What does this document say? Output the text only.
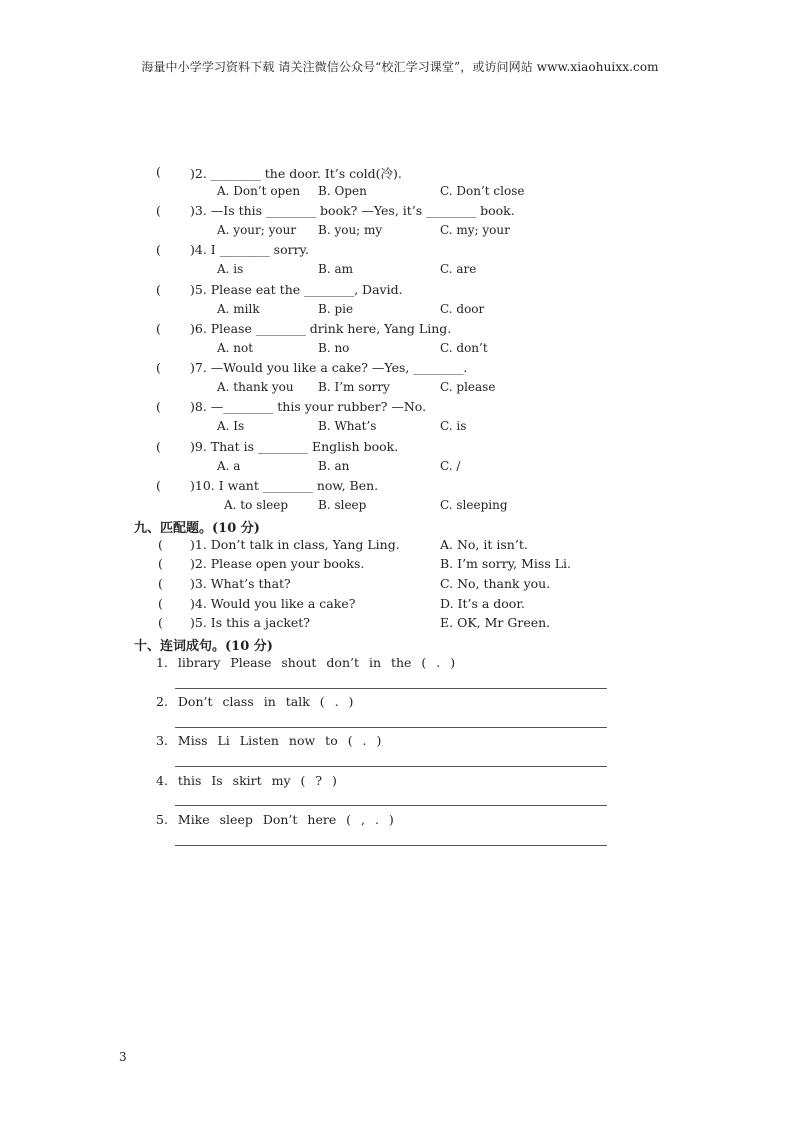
海量中小学学习资料下载 请关注微信公众号“校汇学习课堂”，或访问网站 www.xiaohuixx.com
( )2. ________ the door. It’s cold(冷).
A. Don’t open B. Open	C. Don’t close
( )3. —Is this ________ book? —Yes, it’s ________ book.
A. your; your B. you; my	C. my; your
( )4. I ________ sorry.
A. is	B. am	C. are
( )5. Please eat the ________, David.
A. milk	B. pie	C. door
( )6. Please ________ drink here, Yang Ling.
A. not	B. no	C. don’t
( )7. —Would you like a cake? —Yes, ________.
A. thank you B. I’m sorry	C. please
( )8. —________ this your rubber? —No.
A. Is	B. What’s	C. is
( )9. That is ________ English book.
A. a	B. an	C. /
( )10. I want ________ now, Ben.
A. to sleep B. sleep	C. sleeping
九、匹配题。(10 分)
( )1. Don’t talk in class, Yang Ling.	A. No, it isn’t.
( )2. Please open your books.	B. I’m sorry, Miss Li.
( )3. What’s that?	C. No, thank you.
( )4. Would you like a cake?	D. It’s a door.
( )5. Is this a jacket?	E. OK, Mr Green.
十、连词成句。(10 分)
1. library Please shout don’t in the ( . )
2. Don’t class in talk ( . )
3. Miss Li Listen now to ( . )
4. this Is skirt my ( ? )
5. Mike sleep Don’t here ( , . )
3
